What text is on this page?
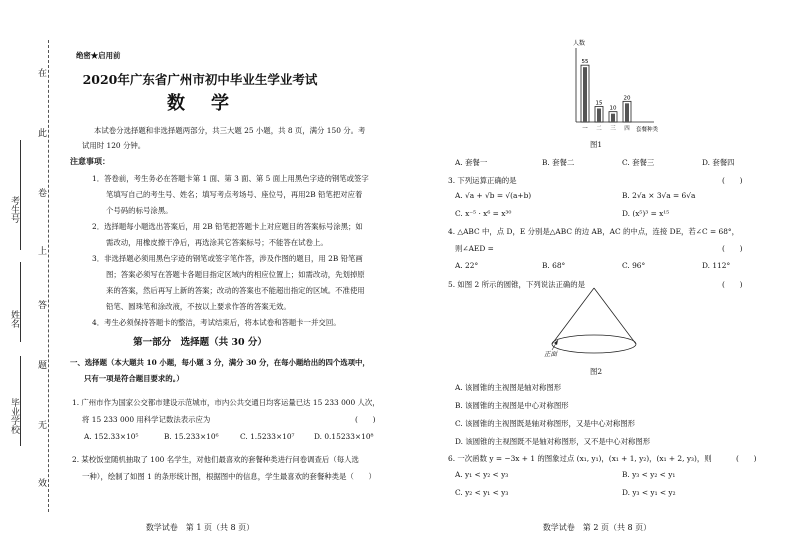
在
此
卷
上
答
题
无
效
考生号
姓名
毕业学校
绝密★启用前
2020年广东省广州市初中毕业生学业考试
数　学
本试卷分选择题和非选择题两部分，共三大题 25 小题，共 8 页，满分 150 分。考
试用时 120 分钟。
注意事项：
1．答卷前，考生务必在答题卡第 1 面、第 3 面、第 5 面上用黑色字迹的钢笔或签字
笔填写自己的考生号、姓名；填写考点考场号、座位号，再用2B 铅笔把对应着
个号码的标号涂黑。
2．选择题每小题选出答案后，用 2B 铅笔把答题卡上对应题目的答案标号涂黑；如
需改动，用橡皮擦干净后，再选涂其它答案标号；不能答在试卷上。
3．非选择题必须用黑色字迹的钢笔或签字笔作答，涉及作图的题目，用 2B 铅笔画
图；答案必须写在答题卡各题目指定区域内的相应位置上；如需改动，先划掉原
来的答案，然后再写上新的答案；改动的答案也不能超出指定的区域。不准使用
铅笔、圆珠笔和涂改液，不按以上要求作答的答案无效。
4．考生必须保持答题卡的整洁，考试结束后，将本试卷和答题卡一并交回。
第一部分　选择题（共 30 分）
一、选择题（本大题共 10 小题，每小题 3 分，满分 30 分，在每小题给出的四个选项中，
只有一项是符合题目要求的。）
1. 广州市作为国家公交都市建设示范城市，市内公共交通日均客运量已达 15 233 000 人次，
将 15 233 000 用科学记数法表示应为	(　　)
A. 152.33×10⁵	B. 15.233×10⁶	C. 1.5233×10⁷	D. 0.15233×10⁸
2. 某校饭堂随机抽取了 100 名学生，对他们最喜欢的套餐种类进行问卷调查后（每人选
一种），绘制了如图 1 的条形统计图，根据图中的信息，学生最喜欢的套餐种类是（　　）
数学试卷　第 1 页（共 8 页）
人数
套餐种类
55
一
15
二
10
三
20
四
图1
A. 套餐一	B. 套餐二	C. 套餐三	D. 套餐四
3. 下列运算正确的是	(　　)
A. √a + √b = √(a+b)	B. 2√a × 3√a = 6√a
C. x⁻⁵ · x⁶ = x³⁰	D. (x⁵)³ = x¹⁵
4. △ABC 中，点 D，E 分别是△ABC 的边 AB，AC 的中点，连接 DE，若∠C = 68°，
则∠AED =	(　　)
A. 22°	B. 68°	C. 96°	D. 112°
5. 如图 2 所示的圆锥，下列说法正确的是	(　　)
正面
图2
A. 该圆锥的主视图是轴对称图形
B. 该圆锥的主视图是中心对称图形
C. 该圆锥的主视图既是轴对称图形，又是中心对称图形
D. 该圆锥的主视图既不是轴对称图形，又不是中心对称图形
6. 一次函数 y = −3x + 1 的图象过点 (x₁, y₁)，(x₁ + 1, y₂)，(x₁ + 2, y₃)，则	(　　)
A. y₁ < y₂ < y₃	B. y₃ < y₂ < y₁
C. y₂ < y₁ < y₃	D. y₃ < y₁ < y₂
数学试卷　第 2 页（共 8 页）
